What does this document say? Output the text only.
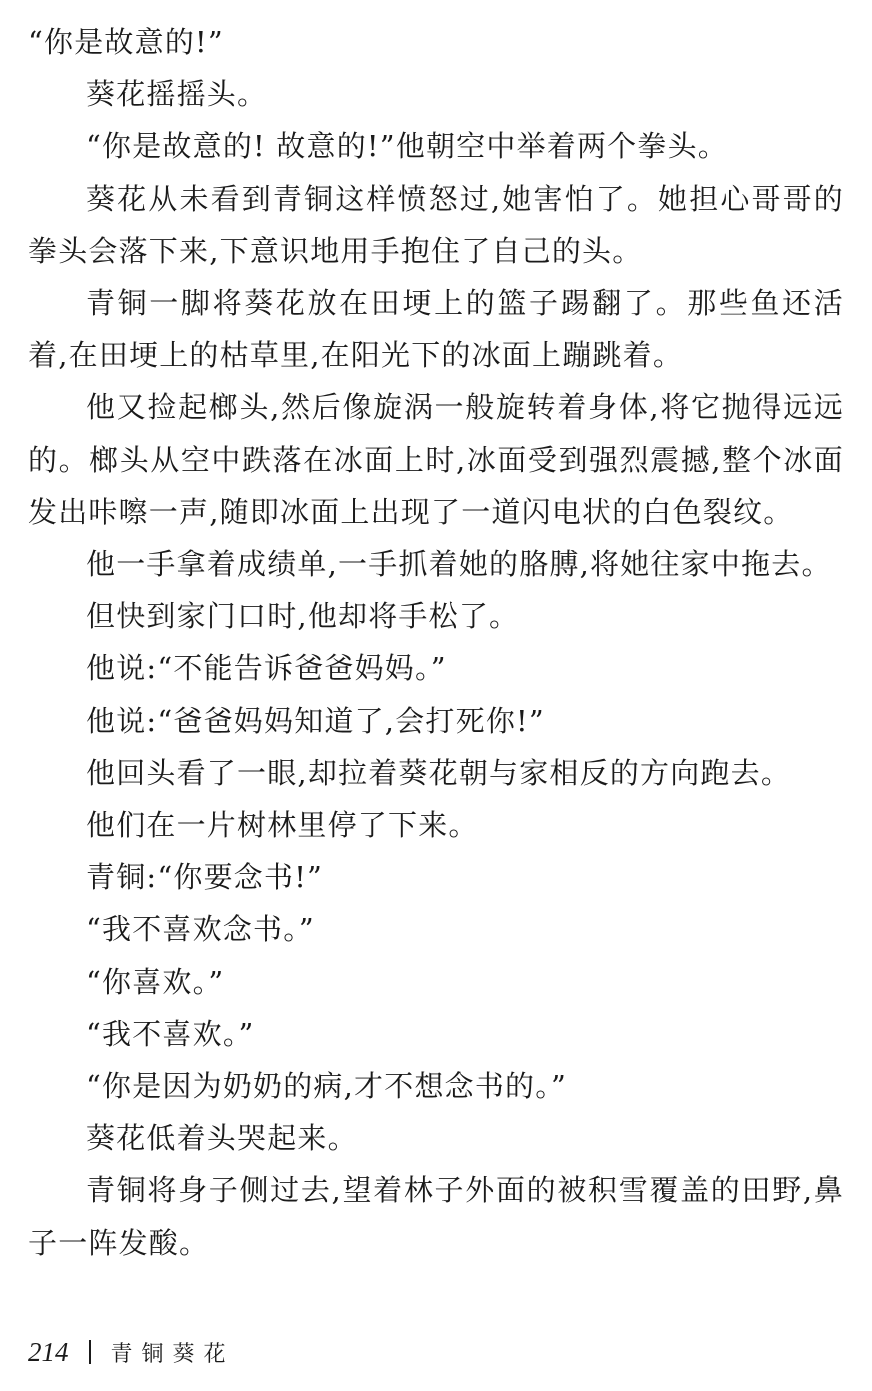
“你是故意的!”

葵花摇摇头。

“你是故意的! 故意的!”他朝空中举着两个拳头。

葵花从未看到青铜这样愤怒过,她害怕了。她担心哥哥的拳头会落下来,下意识地用手抱住了自己的头。

青铜一脚将葵花放在田埂上的篮子踢翻了。那些鱼还活着,在田埂上的枯草里,在阳光下的冰面上蹦跳着。

他又捡起榔头,然后像旋涡一般旋转着身体,将它抛得远远的。榔头从空中跌落在冰面上时,冰面受到强烈震撼,整个冰面发出咔嚓一声,随即冰面上出现了一道闪电状的白色裂纹。

他一手拿着成绩单,一手抓着她的胳膊,将她往家中拖去。

但快到家门口时,他却将手松了。

他说:“不能告诉爸爸妈妈。”

他说:“爸爸妈妈知道了,会打死你!”

他回头看了一眼,却拉着葵花朝与家相反的方向跑去。

他们在一片树林里停了下来。

青铜:“你要念书!”

“我不喜欢念书。”

“你喜欢。”

“我不喜欢。”

“你是因为奶奶的病,才不想念书的。”

葵花低着头哭起来。

青铜将身子侧过去,望着林子外面的被积雪覆盖的田野,鼻子一阵发酸。

214 青铜葵花
